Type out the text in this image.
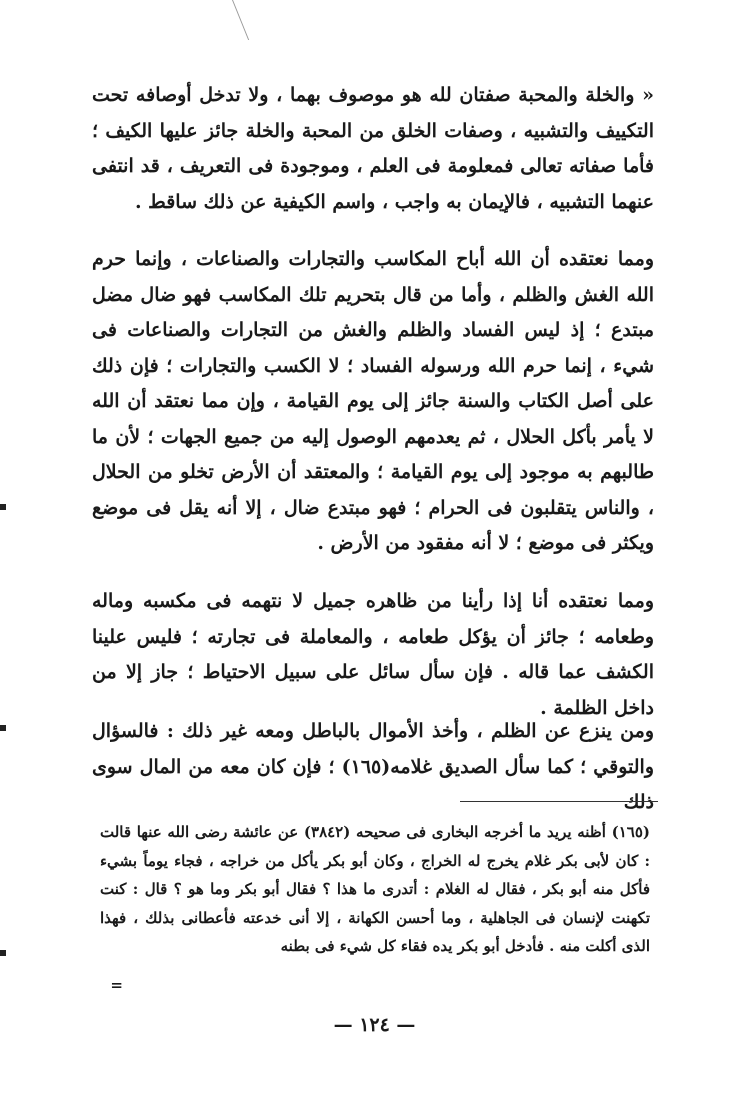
« والخلة والمحبة صفتان لله هو موصوف بهما ، ولا تدخل أوصافه تحت التكييف والتشبيه ، وصفات الخلق من المحبة والخلة جائز عليها الكيف ؛ فأما صفاته تعالى فمعلومة فى العلم ، وموجودة فى التعريف ، قد انتفى عنهما التشبيه ، فالإيمان به واجب ، واسم الكيفية عن ذلك ساقط .

ومما نعتقده أن الله أباح المكاسب والتجارات والصناعات ، وإنما حرم الله الغش والظلم ، وأما من قال بتحريم تلك المكاسب فهو ضال مضل مبتدع ؛ إذ ليس الفساد والظلم والغش من التجارات والصناعات فى شيء ، إنما حرم الله ورسوله الفساد ؛ لا الكسب والتجارات ؛ فإن ذلك على أصل الكتاب والسنة جائز إلى يوم القيامة ، وإن مما نعتقد أن الله لا يأمر بأكل الحلال ، ثم يعدمهم الوصول إليه من جميع الجهات ؛ لأن ما طالبهم به موجود إلى يوم القيامة ؛ والمعتقد أن الأرض تخلو من الحلال ، والناس يتقلبون فى الحرام ؛ فهو مبتدع ضال ، إلا أنه يقل فى موضع ويكثر فى موضع ؛ لا أنه مفقود من الأرض .

ومما نعتقده أنا إذا رأينا من ظاهره جميل لا نتهمه فى مكسبه وماله وطعامه ؛ جائز أن يؤكل طعامه ، والمعاملة فى تجارته ؛ فليس علينا الكشف عما قاله . فإن سأل سائل على سبيل الاحتياط ؛ جاز إلا من داخل الظلمة .

ومن ينزع عن الظلم ، وأخذ الأموال بالباطل ومعه غير ذلك : فالسؤال والتوقي ؛ كما سأل الصديق غلامه(١٦٥) ؛ فإن كان معه من المال سوى ذلك

(١٦٥) أظنه يريد ما أخرجه البخارى فى صحيحه (٣٨٤٢) عن عائشة رضى الله عنها قالت : كان لأبى بكر غلام يخرج له الخراج ، وكان أبو بكر يأكل من خراجه ، فجاء يوماً بشيء فأكل منه أبو بكر ، فقال له الغلام : أتدرى ما هذا ؟ فقال أبو بكر وما هو ؟ قال : كنت تكهنت لإنسان فى الجاهلية ، وما أحسن الكهانة ، إلا أنى خدعته فأعطانى بذلك ، فهذا الذى أكلت منه . فأدخل أبو بكر يده فقاء كل شيء فى بطنه

=
— ١٢٤ —
